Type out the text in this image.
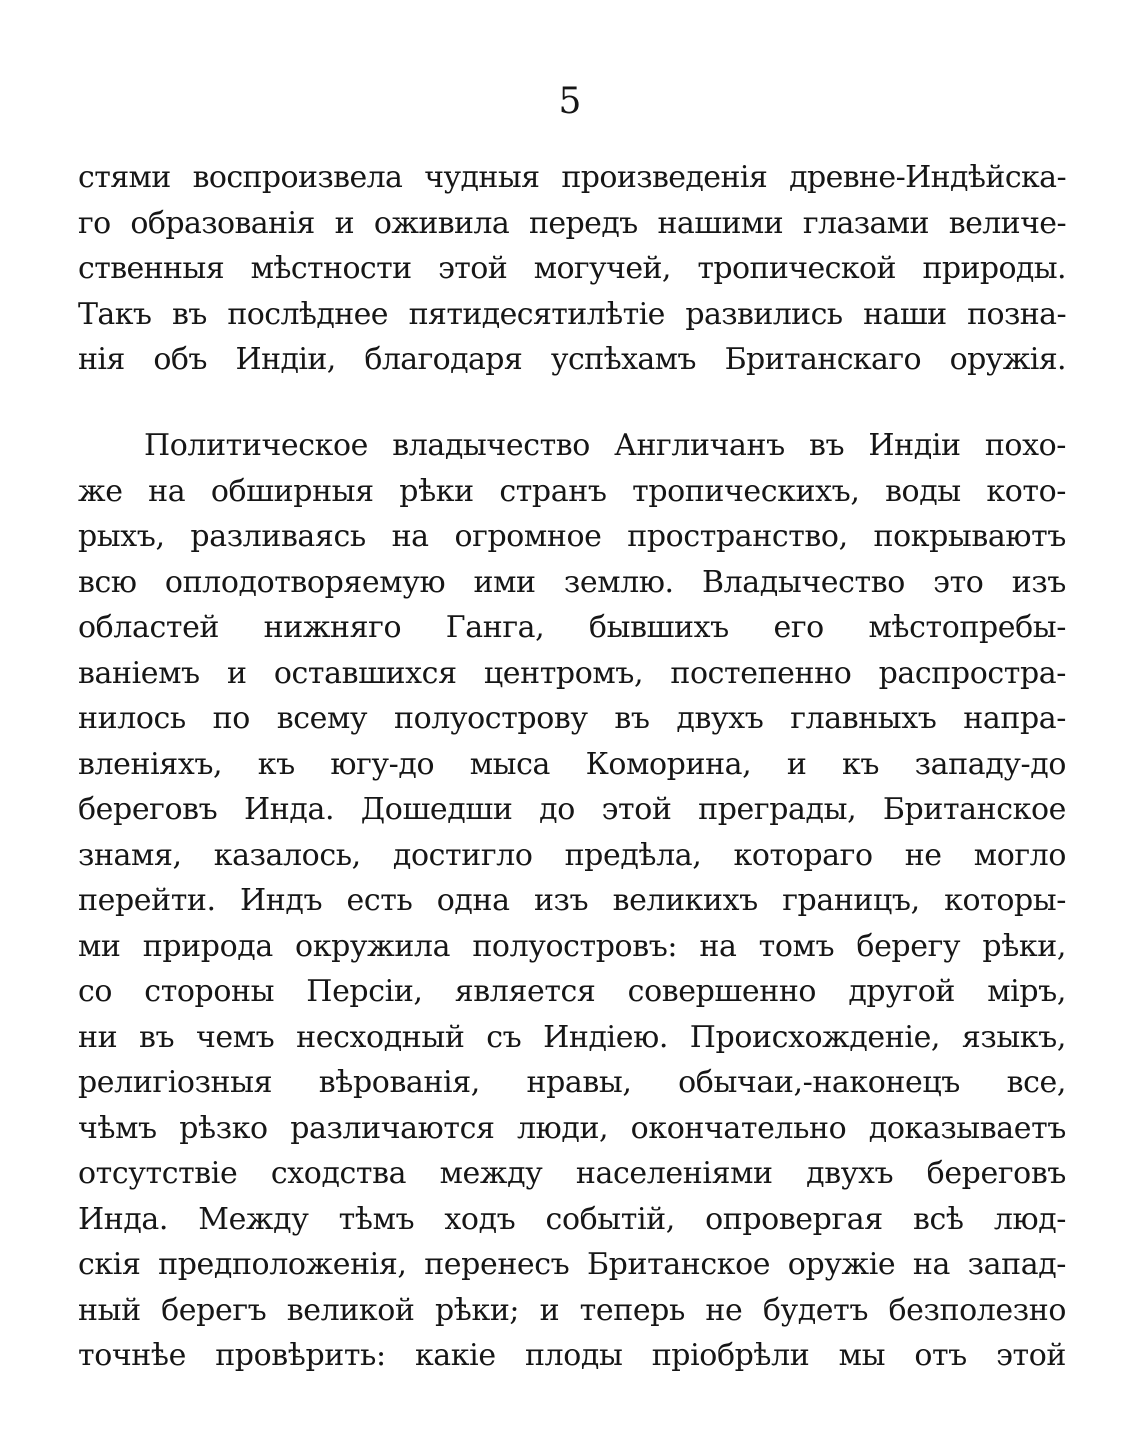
5
стями воспроизвела чудныя произведенія древне-Индѣйска-
го образованія и оживила передъ нашими глазами величе-
ственныя мѣстности этой могучей, тропической природы.
Такъ въ послѣднее пятидесятилѣтіе развились наши позна-
нія объ Индіи, благодаря успѣхамъ Британскаго оружія.
Политическое владычество Англичанъ въ Индіи похо-
же на обширныя рѣки странъ тропическихъ, воды кото-
рыхъ, разливаясь на огромное пространство, покрываютъ
всю оплодотворяемую ими землю. Владычество это изъ
областей нижняго Ганга, бывшихъ его мѣстопребы-
ваніемъ и оставшихся центромъ, постепенно распростра-
нилось по всему полуострову въ двухъ главныхъ напра-
вленіяхъ, къ югу-до мыса Коморина, и къ западу-до
береговъ Инда. Дошедши до этой преграды, Британское
знамя, казалось, достигло предѣла, котораго не могло
перейти. Индъ есть одна изъ великихъ границъ, которы-
ми природа окружила полуостровъ: на томъ берегу рѣки,
со стороны Персіи, является совершенно другой міръ,
ни въ чемъ несходный съ Индіею. Происхожденіе, языкъ,
религіозныя вѣрованія, нравы, обычаи,-наконецъ все,
чѣмъ рѣзко различаются люди, окончательно доказываетъ
отсутствіе сходства между населеніями двухъ береговъ
Инда. Между тѣмъ ходъ событій, опровергая всѣ люд-
скія предположенія, перенесъ Британское оружіе на запад-
ный берегъ великой рѣки; и теперь не будетъ безполезно
точнѣе провѣрить: какіе плоды пріобрѣли мы отъ этой
